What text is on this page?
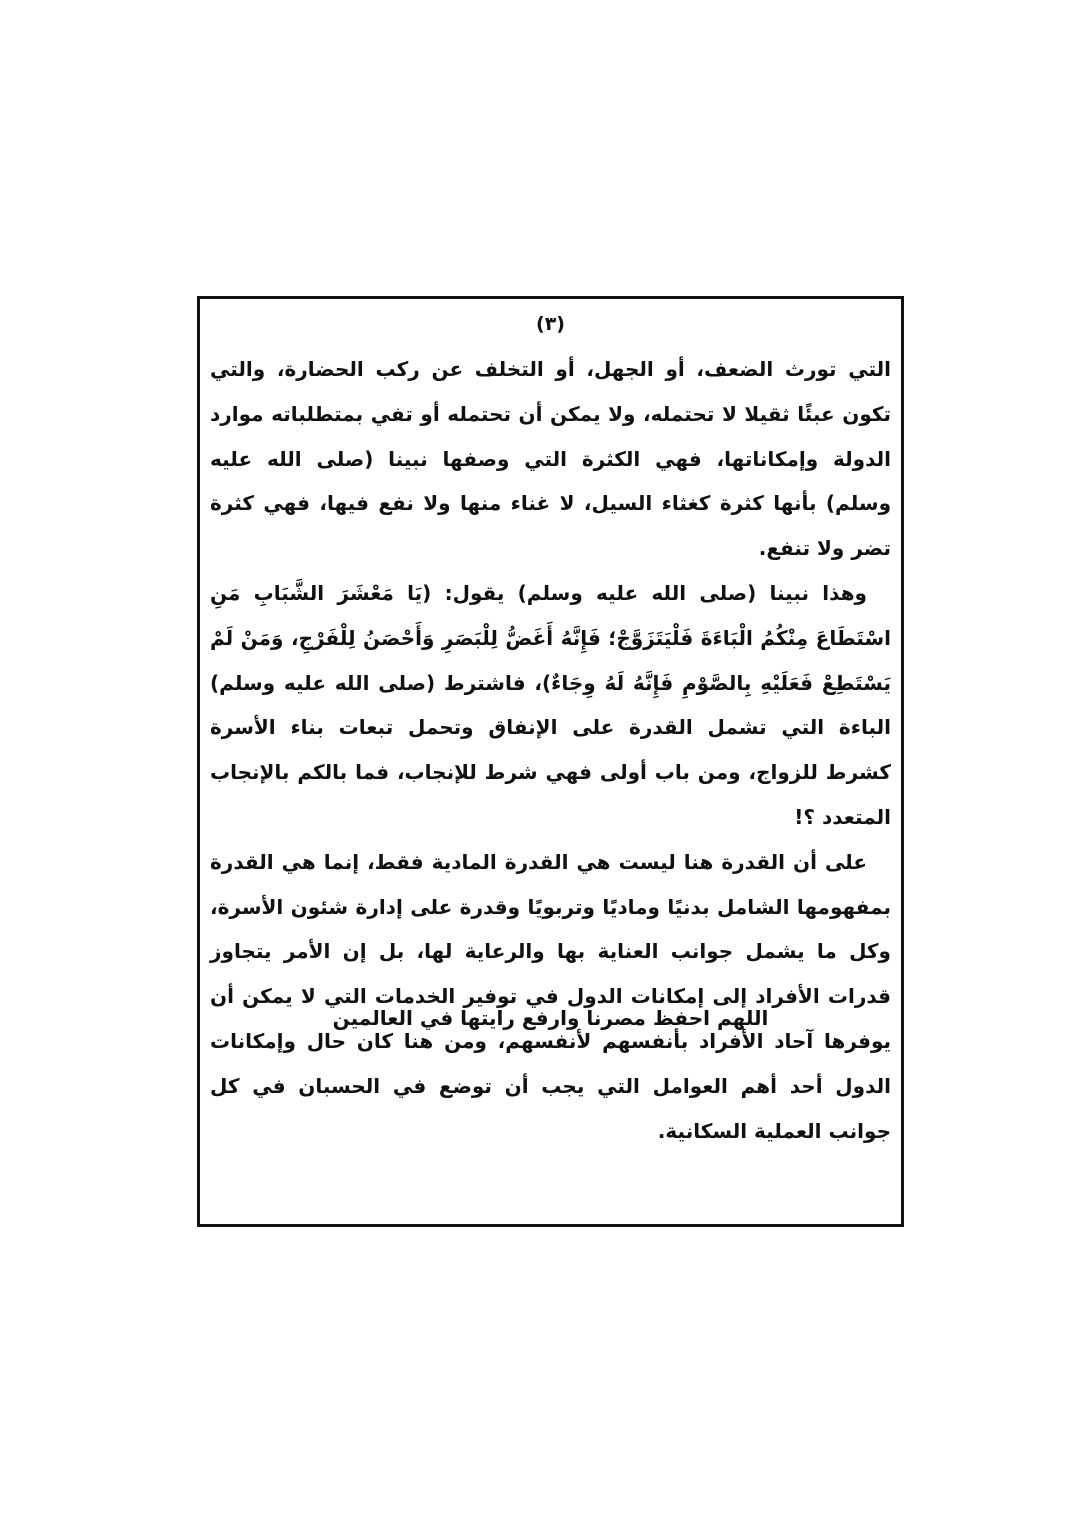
(٣)

التي تورث الضعف، أو الجهل، أو التخلف عن ركب الحضارة، والتي تكون عبئًا ثقيلا لا تحتمله، ولا يمكن أن تحتمله أو تفي بمتطلباته موارد الدولة وإمكاناتها، فهي الكثرة التي وصفها نبينا (صلى الله عليه وسلم) بأنها كثرة كغثاء السيل، لا غناء منها ولا نفع فيها، فهي كثرة تضر ولا تنفع.

وهذا نبينا (صلى الله عليه وسلم) يقول: (يَا مَعْشَرَ الشَّبَابِ مَنِ اسْتَطَاعَ مِنْكُمُ الْبَاءَةَ فَلْيَتَزَوَّجْ؛ فَإِنَّهُ أَغَضُّ لِلْبَصَرِ وَأَحْصَنُ لِلْفَرْجِ، وَمَنْ لَمْ يَسْتَطِعْ فَعَلَيْهِ بِالصَّوْمِ فَإِنَّهُ لَهُ وِجَاءٌ)، فاشترط (صلى الله عليه وسلم) الباءة التي تشمل القدرة على الإنفاق وتحمل تبعات بناء الأسرة كشرط للزواج، ومن باب أولى فهي شرط للإنجاب، فما بالكم بالإنجاب المتعدد ؟!

على أن القدرة هنا ليست هي القدرة المادية فقط، إنما هي القدرة بمفهومها الشامل بدنيًا وماديًا وتربويًا وقدرة على إدارة شئون الأسرة، وكل ما يشمل جوانب العناية بها والرعاية لها، بل إن الأمر يتجاوز قدرات الأفراد إلى إمكانات الدول في توفير الخدمات التي لا يمكن أن يوفرها آحاد الأفراد بأنفسهم لأنفسهم، ومن هنا كان حال وإمكانات الدول أحد أهم العوامل التي يجب أن توضع في الحسبان في كل جوانب العملية السكانية.

اللهم احفظ مصرنا وارفع رايتها في العالمين
